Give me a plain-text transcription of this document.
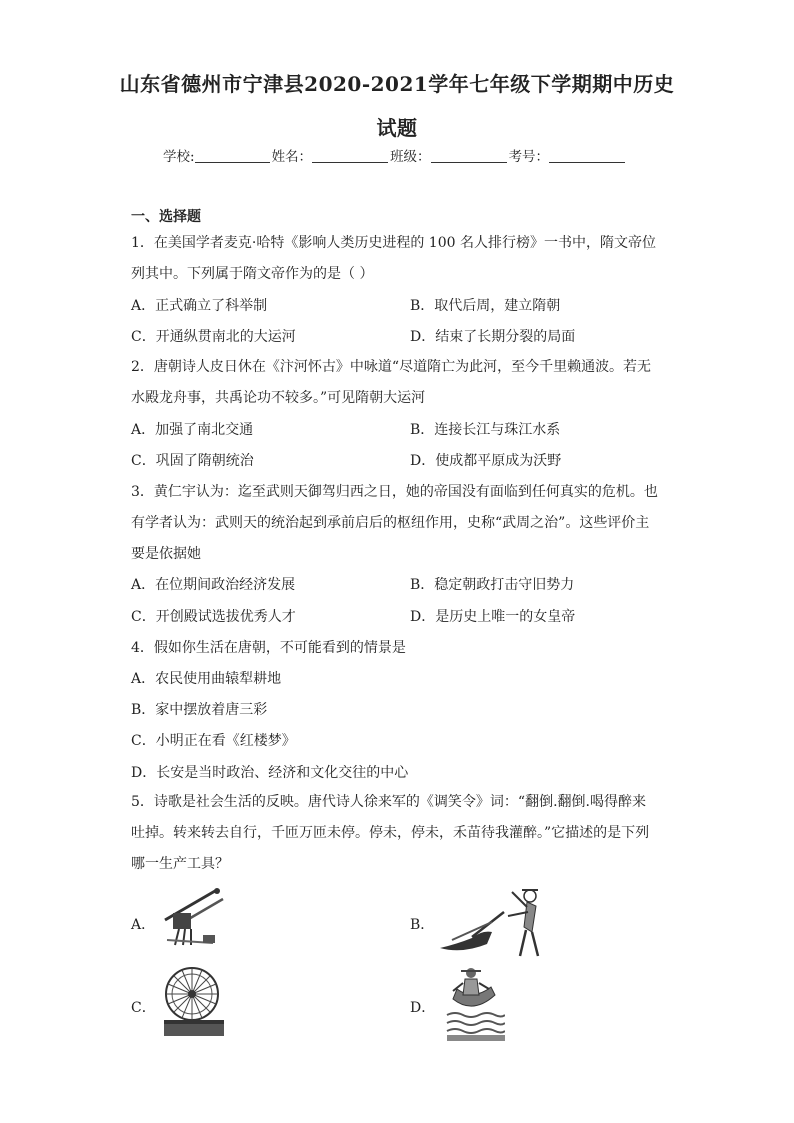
山东省德州市宁津县2020-2021学年七年级下学期期中历史
试题
学校:	姓名：	班级：	考号：
一、选择题
1．在美国学者麦克·哈特《影响人类历史进程的 100 名人排行榜》一书中，隋文帝位
列其中。下列属于隋文帝作为的是（ ）
A．正式确立了科举制	B．取代后周，建立隋朝
C．开通纵贯南北的大运河	D．结束了长期分裂的局面
2．唐朝诗人皮日休在《汴河怀古》中咏道“尽道隋亡为此河，至今千里赖通波。若无
水殿龙舟事，共禹论功不较多。”可见隋朝大运河
A．加强了南北交通	B．连接长江与珠江水系
C．巩固了隋朝统治	D．使成都平原成为沃野
3．黄仁宇认为：迄至武则天御驾归西之日，她的帝国没有面临到任何真实的危机。也
有学者认为：武则天的统治起到承前启后的枢纽作用，史称“武周之治”。这些评价主
要是依据她
A．在位期间政治经济发展	B．稳定朝政打击守旧势力
C．开创殿试选拔优秀人才	D．是历史上唯一的女皇帝
4．假如你生活在唐朝，不可能看到的情景是
A．农民使用曲辕犁耕地
B．家中摆放着唐三彩
C．小明正在看《红楼梦》
D．长安是当时政治、经济和文化交往的中心
5．诗歌是社会生活的反映。唐代诗人徐来军的《调笑令》词：“翻倒.翻倒.喝得醉来
吐掉。转来转去自行，千匝万匝未停。停未，停未，禾苗待我灌醉。”它描述的是下列
哪一生产工具？
A．	B．
C．	D．
